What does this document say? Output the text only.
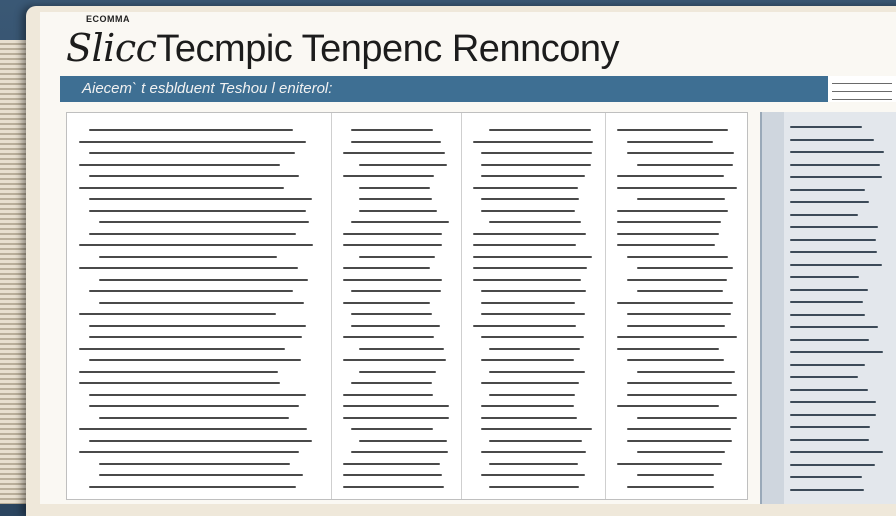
ECOMMA
SliccTecmpic Tenpenc Renncony
Aiecem` t esblduent Teshou l eniterol:
